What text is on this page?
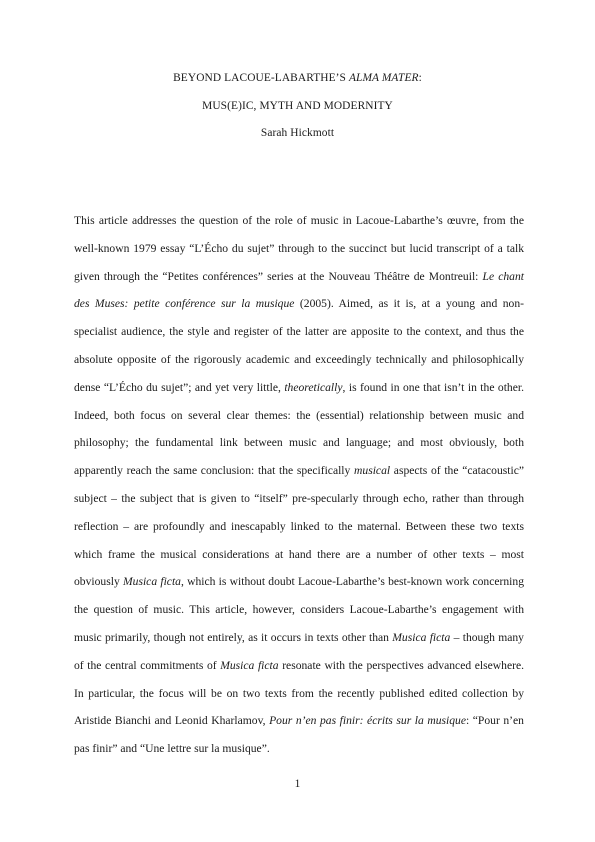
BEYOND LACOUE-LABARTHE’S ALMA MATER:
MUS(E)IC, MYTH AND MODERNITY
Sarah Hickmott

This article addresses the question of the role of music in Lacoue-Labarthe’s œuvre, from the well-known 1979 essay “L’Écho du sujet” through to the succinct but lucid transcript of a talk given through the “Petites conférences” series at the Nouveau Théâtre de Montreuil: Le chant des Muses: petite conférence sur la musique (2005). Aimed, as it is, at a young and non-specialist audience, the style and register of the latter are apposite to the context, and thus the absolute opposite of the rigorously academic and exceedingly technically and philosophically dense “L’Écho du sujet”; and yet very little, theoretically, is found in one that isn’t in the other. Indeed, both focus on several clear themes: the (essential) relationship between music and philosophy; the fundamental link between music and language; and most obviously, both apparently reach the same conclusion: that the specifically musical aspects of the “catacoustic” subject – the subject that is given to “itself” pre-specularly through echo, rather than through reflection – are profoundly and inescapably linked to the maternal. Between these two texts which frame the musical considerations at hand there are a number of other texts – most obviously Musica ficta, which is without doubt Lacoue-Labarthe’s best-known work concerning the question of music. This article, however, considers Lacoue-Labarthe’s engagement with music primarily, though not entirely, as it occurs in texts other than Musica ficta – though many of the central commitments of Musica ficta resonate with the perspectives advanced elsewhere. In particular, the focus will be on two texts from the recently published edited collection by Aristide Bianchi and Leonid Kharlamov, Pour n’en pas finir: écrits sur la musique: “Pour n’en pas finir” and “Une lettre sur la musique”.

1
